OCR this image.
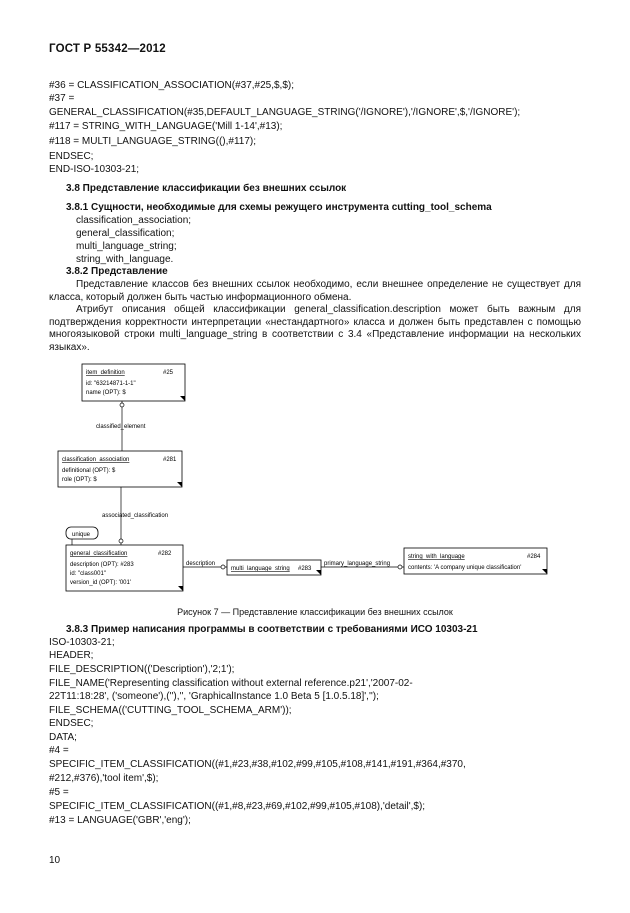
ГОСТ Р 55342—2012
#36 = CLASSIFICATION_ASSOCIATION(#37,#25,$,$);
#37 =
GENERAL_CLASSIFICATION(#35,DEFAULT_LANGUAGE_STRING('/IGNORE'),'/IGNORE',$,'/IGNORE');
#117 = STRING_WITH_LANGUAGE('Mill 1-14',#13);
#118 = MULTI_LANGUAGE_STRING((),#117);
ENDSEC;
END-ISO-10303-21;
3.8 Представление классификации без внешних ссылок
3.8.1 Сущности, необходимые для схемы режущего инструмента cutting_tool_schema
classification_association;
general_classification;
multi_language_string;
string_with_language.
3.8.2 Представление
Представление классов без внешних ссылок необходимо, если внешнее определение не существует для класса, который должен быть частью информационного обмена.
Атрибут описания общей классификации general_classification.description может быть важным для подтверждения корректности интерпретации «нестандартного» класса и должен быть представлен с помощью многоязыковой строки multi_language_string в соответствии с 3.4 «Представление информации на нескольких языках».
item_definition	#25
id: "63214871-1-1"
name (OPT): $
classified_element
classification_association	#281
definitional (OPT): $
role (OPT): $
associated_classification
unique
general_classification	#282
description (OPT): #283
id: "class001"
version_id (OPT): '001'
description
multi_language_string #283
primary_language_string
string_with_language	#284
contents: 'A company unique classification'
Рисунок 7 — Представление классификации без внешних ссылок
3.8.3 Пример написания программы в соответствии с требованиями ИСО 10303-21
ISO-10303-21;
HEADER;
FILE_DESCRIPTION(('Description'),'2;1');
FILE_NAME('Representing classification without external reference.p21','2007-02-
22T11:18:28', ('someone'),(''),'', 'GraphicalInstance 1.0 Beta 5 [1.0.5.18]','');
FILE_SCHEMA(('CUTTING_TOOL_SCHEMA_ARM'));
ENDSEC;
DATA;
#4 =
SPECIFIC_ITEM_CLASSIFICATION((#1,#23,#38,#102,#99,#105,#108,#141,#191,#364,#370,
#212,#376),'tool item',$);
#5 =
SPECIFIC_ITEM_CLASSIFICATION((#1,#8,#23,#69,#102,#99,#105,#108),'detail',$);
#13 = LANGUAGE('GBR','eng');
10
